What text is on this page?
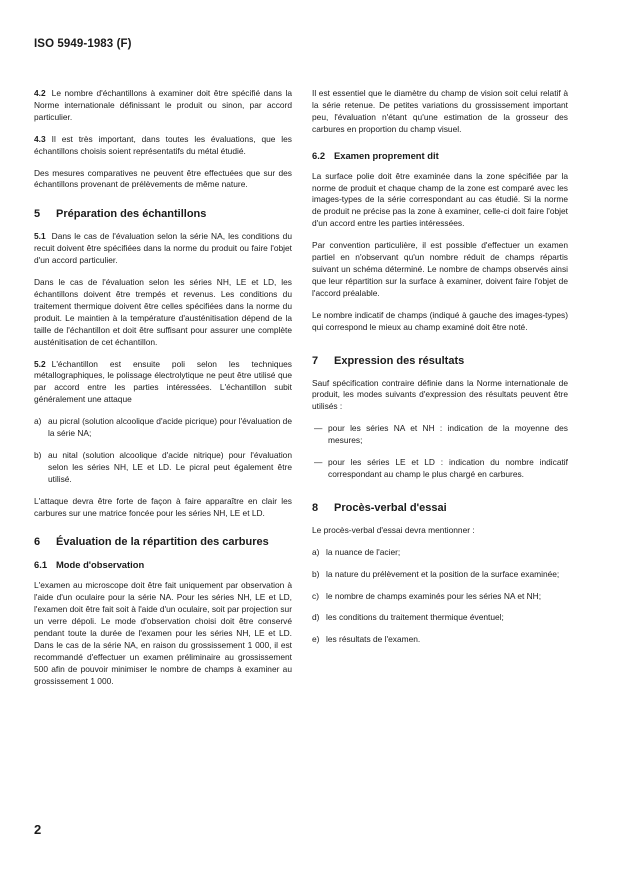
ISO 5949-1983 (F)

4.2 Le nombre d'échantillons à examiner doit être spécifié dans la Norme internationale définissant le produit ou sinon, par accord particulier.

4.3 Il est très important, dans toutes les évaluations, que les échantillons choisis soient représentatifs du métal étudié.

Des mesures comparatives ne peuvent être effectuées que sur des échantillons provenant de prélèvements de même nature.

5 Préparation des échantillons

5.1 Dans le cas de l'évaluation selon la série NA, les conditions du recuit doivent être spécifiées dans la norme du produit ou faire l'objet d'un accord particulier.

Dans le cas de l'évaluation selon les séries NH, LE et LD, les échantillons doivent être trempés et revenus. Les conditions du traitement thermique doivent être celles spécifiées dans la norme du produit. Le maintien à la température d'austénitisation dépend de la taille de l'échantillon et doit être suffisant pour assurer une complète austénitisation de cet échantillon.

5.2 L'échantillon est ensuite poli selon les techniques métallographiques, le polissage électrolytique ne peut être utilisé que par accord entre les parties intéressées. L'échantillon subit généralement une attaque

a) au picral (solution alcoolique d'acide picrique) pour l'évaluation de la série NA;

b) au nital (solution alcoolique d'acide nitrique) pour l'évaluation selon les séries NH, LE et LD. Le picral peut également être utilisé.

L'attaque devra être forte de façon à faire apparaître en clair les carbures sur une matrice foncée pour les séries NH, LE et LD.

6 Évaluation de la répartition des carbures
6.1 Mode d'observation

L'examen au microscope doit être fait uniquement par observation à l'aide d'un oculaire pour la série NA. Pour les séries NH, LE et LD, l'examen doit être fait soit à l'aide d'un oculaire, soit par projection sur un verre dépoli. Le mode d'observation choisi doit être conservé pendant toute la durée de l'examen pour les séries NH, LE et LD. Dans le cas de la série NA, en raison du grossissement 1 000, il est recommandé d'effectuer un examen préliminaire au grossissement 500 afin de pouvoir minimiser le nombre de champs à examiner au grossissement 1 000.

Il est essentiel que le diamètre du champ de vision soit celui relatif à la série retenue. De petites variations du grossissement important peu, l'évaluation n'étant qu'une estimation de la grosseur des carbures en proportion du champ visuel.

6.2 Examen proprement dit

La surface polie doit être examinée dans la zone spécifiée par la norme de produit et chaque champ de la zone est comparé avec les images-types de la série correspondant au cas étudié. Si la norme de produit ne précise pas la zone à examiner, celle-ci doit faire l'objet d'un accord entre les parties intéressées.

Par convention particulière, il est possible d'effectuer un examen partiel en n'observant qu'un nombre réduit de champs répartis suivant un schéma déterminé. Le nombre de champs observés ainsi que leur répartition sur la surface à examiner, doivent faire l'objet de l'accord préalable.

Le nombre indicatif de champs (indiqué à gauche des images-types) qui correspond le mieux au champ examiné doit être noté.

7 Expression des résultats

Sauf spécification contraire définie dans la Norme internationale de produit, les modes suivants d'expression des résultats peuvent être utilisés :

— pour les séries NA et NH : indication de la moyenne des mesures;

— pour les séries LE et LD : indication du nombre indicatif correspondant au champ le plus chargé en carbures.

8 Procès-verbal d'essai

Le procès-verbal d'essai devra mentionner :

a) la nuance de l'acier;

b) la nature du prélèvement et la position de la surface examinée;

c) le nombre de champs examinés pour les séries NA et NH;

d) les conditions du traitement thermique éventuel;

e) les résultats de l'examen.

2
